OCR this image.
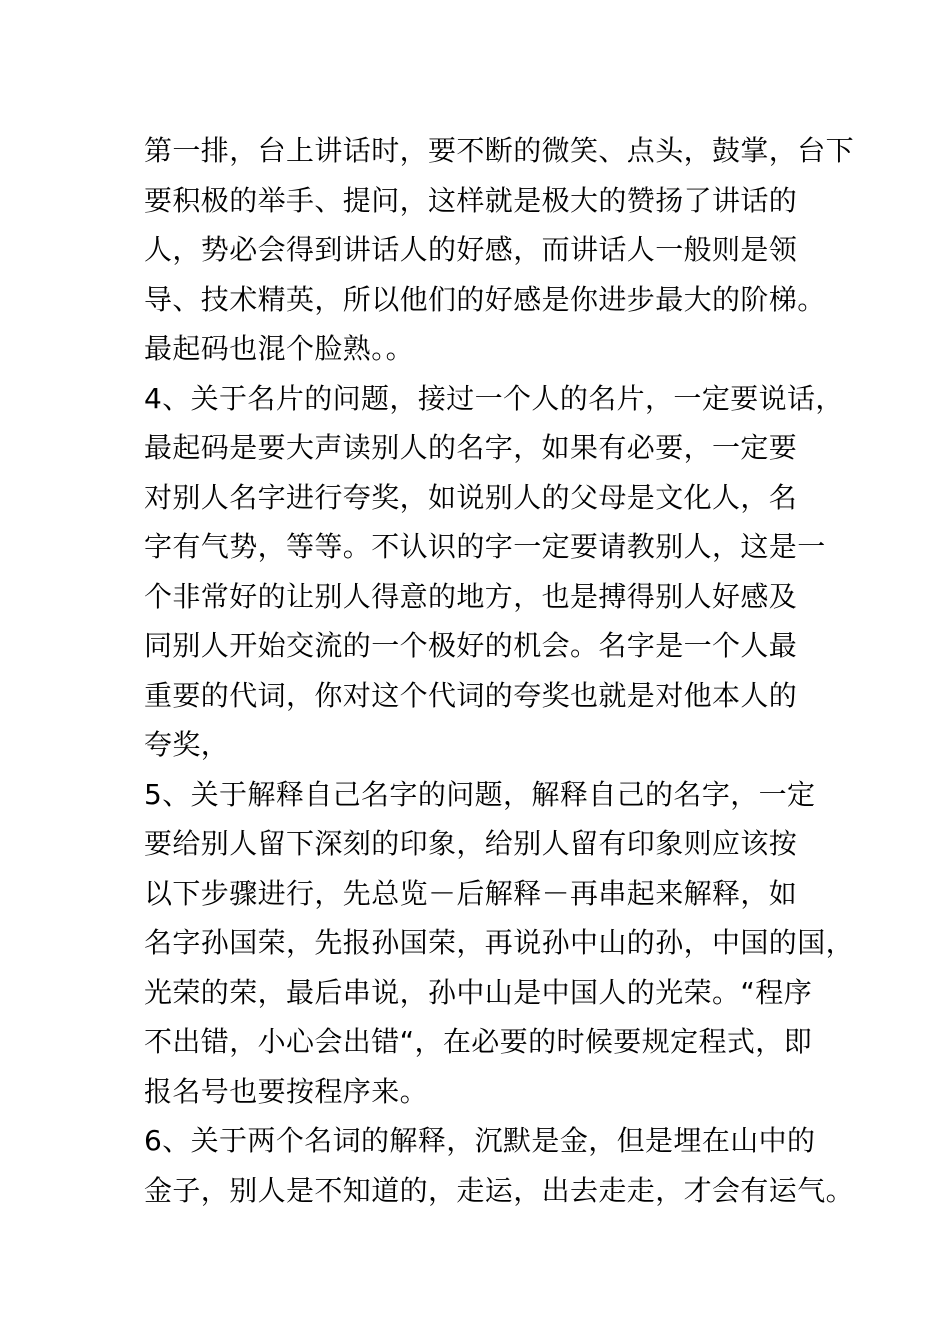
第一排，台上讲话时，要不断的微笑、点头，鼓掌，台下
要积极的举手、提问，这样就是极大的赞扬了讲话的
人，势必会得到讲话人的好感，而讲话人一般则是领
导、技术精英，所以他们的好感是你进步最大的阶梯。
最起码也混个脸熟。。
4、关于名片的问题，接过一个人的名片，一定要说话，
最起码是要大声读别人的名字，如果有必要，一定要
对别人名字进行夸奖，如说别人的父母是文化人，名
字有气势，等等。不认识的字一定要请教别人，这是一
个非常好的让别人得意的地方，也是搏得别人好感及
同别人开始交流的一个极好的机会。名字是一个人最
重要的代词，你对这个代词的夸奖也就是对他本人的
夸奖，
5、关于解释自己名字的问题，解释自己的名字，一定
要给别人留下深刻的印象，给别人留有印象则应该按
以下步骤进行，先总览－后解释－再串起来解释，如
名字孙国荣，先报孙国荣，再说孙中山的孙，中国的国，
光荣的荣，最后串说，孙中山是中国人的光荣。“程序
不出错，小心会出错“，在必要的时候要规定程式，即
报名号也要按程序来。
6、关于两个名词的解释，沉默是金，但是埋在山中的
金子，别人是不知道的，走运，出去走走，才会有运气。
